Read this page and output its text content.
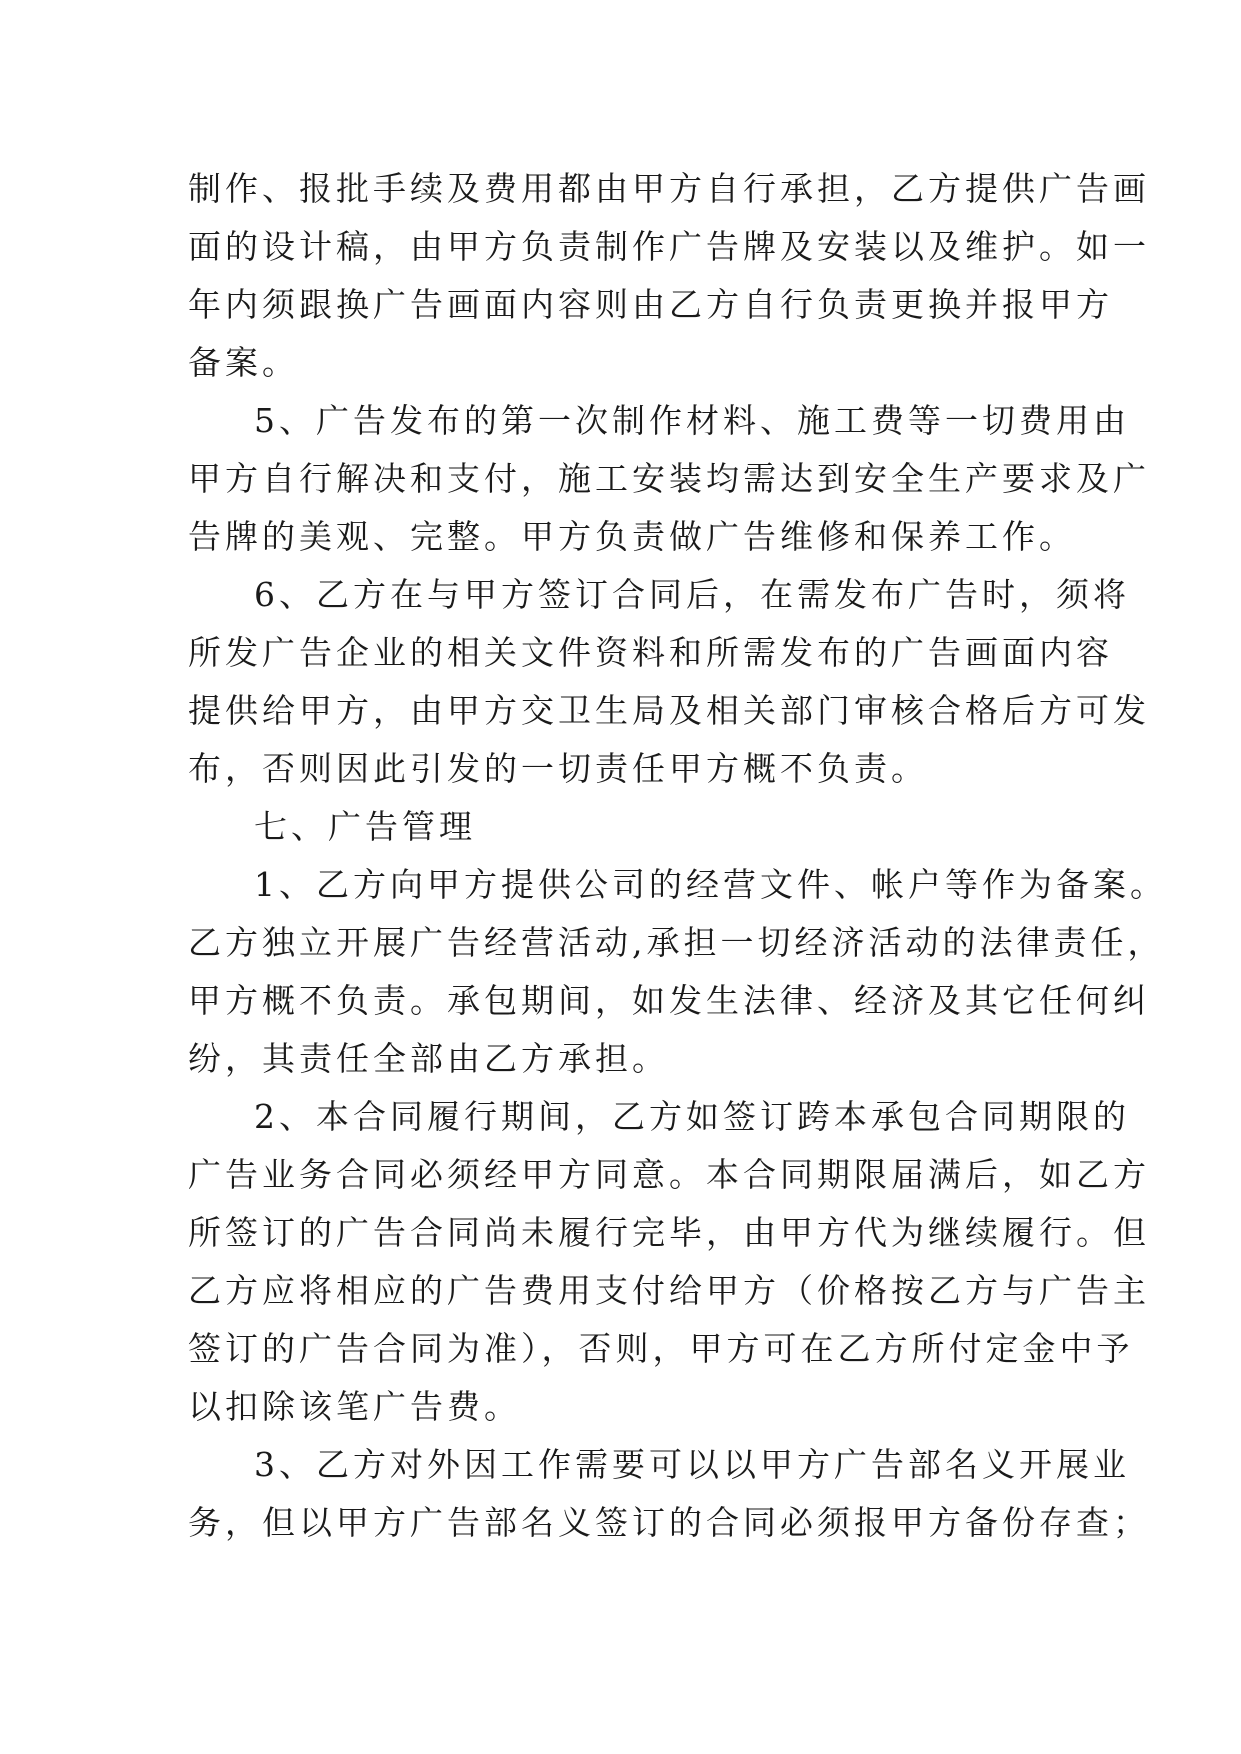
制作、报批手续及费用都由甲方自行承担，乙方提供广告画
面的设计稿，由甲方负责制作广告牌及安装以及维护。如一
年内须跟换广告画面内容则由乙方自行负责更换并报甲方
备案。
5、广告发布的第一次制作材料、施工费等一切费用由
甲方自行解决和支付，施工安装均需达到安全生产要求及广
告牌的美观、完整。甲方负责做广告维修和保养工作。
6、乙方在与甲方签订合同后，在需发布广告时，须将
所发广告企业的相关文件资料和所需发布的广告画面内容
提供给甲方，由甲方交卫生局及相关部门审核合格后方可发
布，否则因此引发的一切责任甲方概不负责。
七、广告管理
1、乙方向甲方提供公司的经营文件、帐户等作为备案。
乙方独立开展广告经营活动,承担一切经济活动的法律责任，
甲方概不负责。承包期间，如发生法律、经济及其它任何纠
纷，其责任全部由乙方承担。
2、本合同履行期间，乙方如签订跨本承包合同期限的
广告业务合同必须经甲方同意。本合同期限届满后，如乙方
所签订的广告合同尚未履行完毕，由甲方代为继续履行。但
乙方应将相应的广告费用支付给甲方（价格按乙方与广告主
签订的广告合同为准），否则，甲方可在乙方所付定金中予
以扣除该笔广告费。
3、乙方对外因工作需要可以以甲方广告部名义开展业
务，但以甲方广告部名义签订的合同必须报甲方备份存查；
